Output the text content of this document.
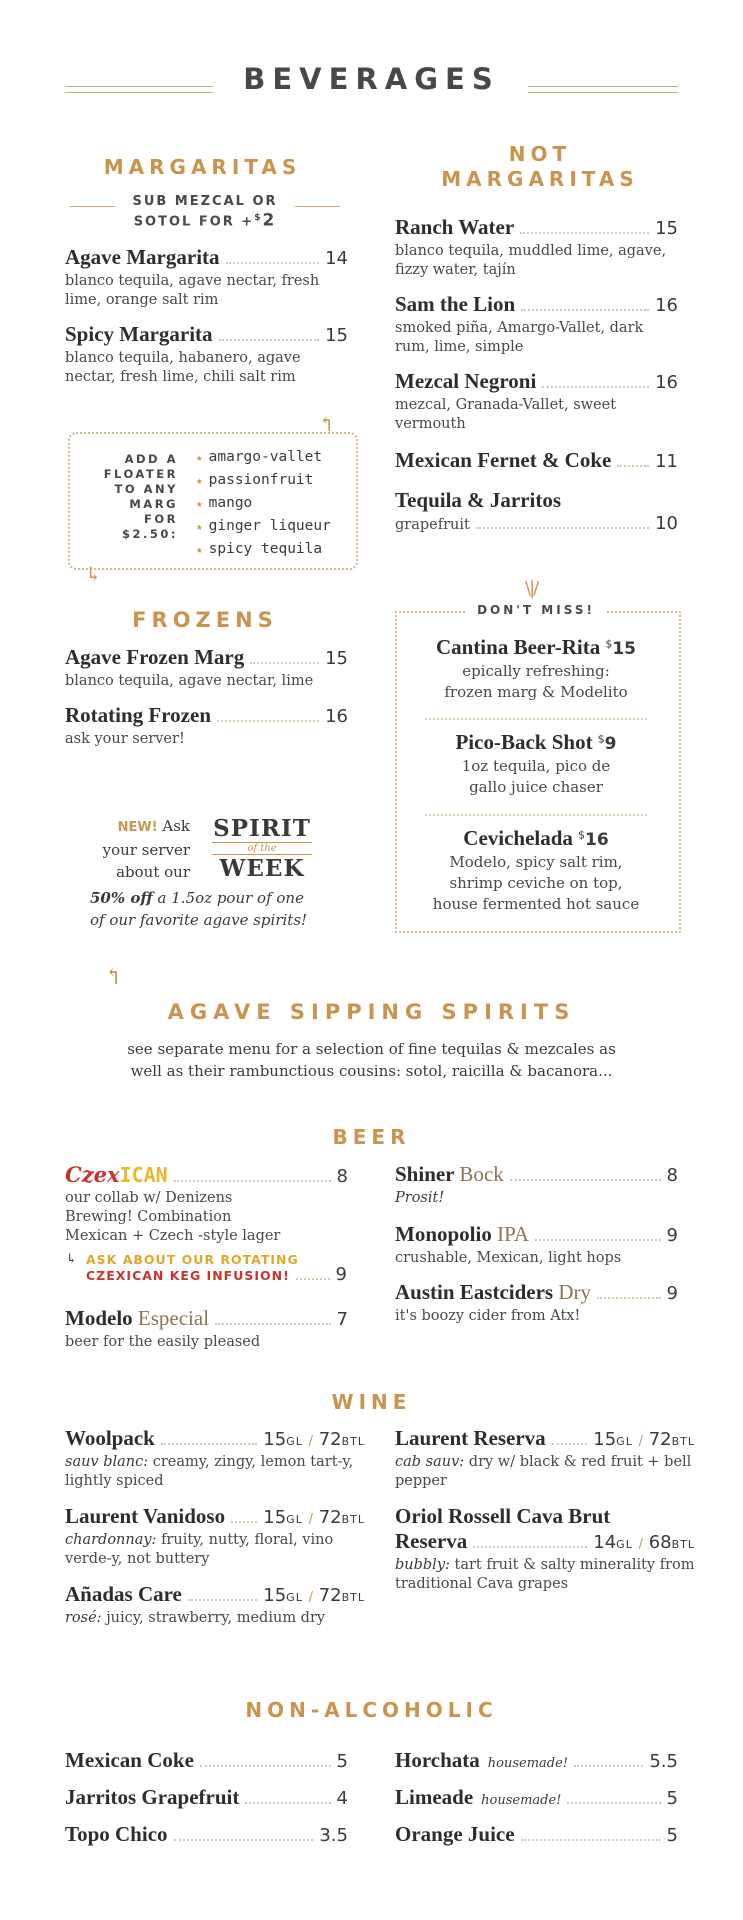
BEVERAGES
MARGARITAS
SUB MEZCAL OR
SOTOL FOR +$2
Agave Margarita	14
blanco tequila, agave nectar, fresh lime, orange salt rim
Spicy Margarita	15
blanco tequila, habanero, agave nectar, fresh lime, chili salt rim
↰
↳
ADD A
FLOATER
TO ANY
MARG
FOR
$2.50:
★ amargo-vallet
★ passionfruit
★ mango
★ ginger liqueur
★ spicy tequila
FROZENS
Agave Frozen Marg	15
blanco tequila, agave nectar, lime
Rotating Frozen	16
ask your server!
NEW! Ask
your server
about our
SPIRIT
of the
WEEK
50% off a 1.5oz pour of one
of our favorite agave spirits!
↰
NOT
MARGARITAS
Ranch Water	15
blanco tequila, muddled lime, agave, fizzy water, tajín
Sam the Lion	16
smoked piña, Amargo-Vallet, dark rum, lime, simple
Mezcal Negroni	16
mezcal, Granada-Vallet, sweet vermouth
Mexican Fernet & Coke 11
Tequila & Jarritos
grapefruit	10
\|/
DON'T MISS!
Cantina Beer-Rita $15
epically refreshing:
frozen marg & Modelito
Pico-Back Shot $9
1oz tequila, pico de
gallo juice chaser
Cevichelada $16
Modelo, spicy salt rim,
shrimp ceviche on top,
house fermented hot sauce
AGAVE SIPPING SPIRITS
see separate menu for a selection of fine tequilas & mezcales as
well as their rambunctious cousins: sotol, raicilla & bacanora...
BEER
CzexICAN	8
our collab w/ Denizens
Brewing! Combination
Mexican + Czech -style lager
↳ ASK ABOUT OUR ROTATING
CZEXICAN KEG INFUSION!	9
Modelo Especial	7
beer for the easily pleased
Shiner Bock	8
Prosit!
Monopolio IPA	9
crushable, Mexican, light hops
Austin Eastciders Dry	9
it's boozy cider from Atx!
WINE
Woolpack	15GL / 72BTL
sauv blanc: creamy, zingy, lemon tart-y, lightly spiced
Laurent Vanidoso 15GL / 72BTL
chardonnay: fruity, nutty, floral, vino verde-y, not buttery
Añadas Care	15GL / 72BTL
rosé: juicy, strawberry, medium dry
Laurent Reserva	15GL / 72BTL
cab sauv: dry w/ black & red fruit + bell pepper
Oriol Rossell Cava Brut
Reserva	14GL / 68BTL
bubbly: tart fruit & salty minerality from traditional Cava grapes
NON-ALCOHOLIC
Mexican Coke	5
Jarritos Grapefruit	4
Topo Chico	3.5
Horchata housemade!	5.5
Limeade housemade!	5
Orange Juice	5
